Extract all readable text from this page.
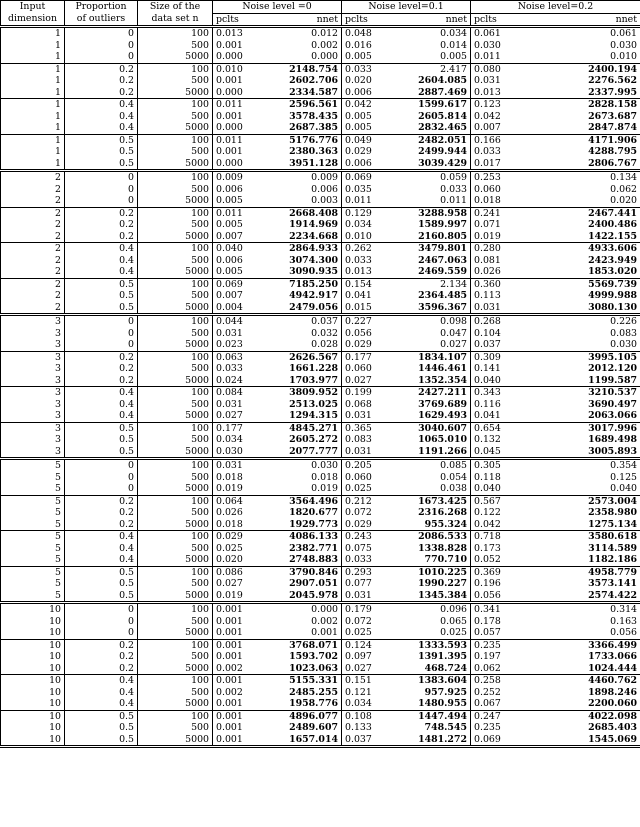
Input	Proportion	Size of the	Noise level =0		Noise level=0.1		Noise level=0.2	
dimension	of outliers	data set n	pclts	nnet	pclts	nnet	pclts	nnet
1	0	100	0.013	0.012	0.048	0.034	0.061	0.061
1	0	500	0.001	0.002	0.016	0.014	0.030	0.030
1	0	5000	0.000	0.000	0.005	0.005	0.011	0.010
1	0.2	100	0.010	2148.754	0.033	2.417	0.080	2400.194
1	0.2	500	0.001	2602.706	0.020	2604.085	0.031	2276.562
1	0.2	5000	0.000	2334.587	0.006	2887.469	0.013	2337.995
1	0.4	100	0.011	2596.561	0.042	1599.617	0.123	2828.158
1	0.4	500	0.001	3578.435	0.005	2605.814	0.042	2673.687
1	0.4	5000	0.000	2687.385	0.005	2832.465	0.007	2847.874
1	0.5	100	0.011	5176.776	0.049	2482.051	0.166	4171.906
1	0.5	500	0.001	2380.363	0.029	2499.944	0.033	4288.795
1	0.5	5000	0.000	3951.128	0.006	3039.429	0.017	2806.767
2	0	100	0.009	0.009	0.069	0.059	0.253	0.134
2	0	500	0.006	0.006	0.035	0.033	0.060	0.062
2	0	5000	0.005	0.003	0.011	0.011	0.018	0.020
2	0.2	100	0.011	2668.408	0.129	3288.958	0.241	2467.441
2	0.2	500	0.005	1914.969	0.034	1589.997	0.071	2400.486
2	0.2	5000	0.007	2234.668	0.010	2160.805	0.019	1422.155
2	0.4	100	0.040	2864.933	0.262	3479.801	0.280	4933.606
2	0.4	500	0.006	3074.300	0.033	2467.063	0.081	2423.949
2	0.4	5000	0.005	3090.935	0.013	2469.559	0.026	1853.020
2	0.5	100	0.069	7185.250	0.154	2.134	0.360	5569.739
2	0.5	500	0.007	4942.917	0.041	2364.485	0.113	4999.988
2	0.5	5000	0.004	2479.056	0.015	3596.367	0.031	3080.130
3	0	100	0.044	0.037	0.227	0.098	0.268	0.226
3	0	500	0.031	0.032	0.056	0.047	0.104	0.083
3	0	5000	0.023	0.028	0.029	0.027	0.037	0.030
3	0.2	100	0.063	2626.567	0.177	1834.107	0.309	3995.105
3	0.2	500	0.033	1661.228	0.060	1446.461	0.141	2012.120
3	0.2	5000	0.024	1703.977	0.027	1352.354	0.040	1199.587
3	0.4	100	0.084	3809.952	0.199	2427.211	0.343	3210.537
3	0.4	500	0.031	2513.025	0.068	3769.689	0.116	3690.497
3	0.4	5000	0.027	1294.315	0.031	1629.493	0.041	2063.066
3	0.5	100	0.177	4845.271	0.365	3040.607	0.654	3017.996
3	0.5	500	0.034	2605.272	0.083	1065.010	0.132	1689.498
3	0.5	5000	0.030	2077.777	0.031	1191.266	0.045	3005.893
5	0	100	0.031	0.030	0.205	0.085	0.305	0.354
5	0	500	0.018	0.018	0.060	0.054	0.118	0.125
5	0	5000	0.019	0.019	0.025	0.038	0.040	0.040
5	0.2	100	0.064	3564.496	0.212	1673.425	0.567	2573.004
5	0.2	500	0.026	1820.677	0.072	2316.268	0.122	2358.980
5	0.2	5000	0.018	1929.773	0.029	955.324	0.042	1275.134
5	0.4	100	0.029	4086.133	0.243	2086.533	0.718	3580.618
5	0.4	500	0.025	2382.771	0.075	1338.828	0.173	3114.589
5	0.4	5000	0.020	2748.883	0.033	770.710	0.052	1182.186
5	0.5	100	0.086	3790.846	0.293	1010.225	0.369	4958.779
5	0.5	500	0.027	2907.051	0.077	1990.227	0.196	3573.141
5	0.5	5000	0.019	2045.978	0.031	1345.384	0.056	2574.422
10	0	100	0.001	0.000	0.179	0.096	0.341	0.314
10	0	500	0.001	0.002	0.072	0.065	0.178	0.163
10	0	5000	0.001	0.001	0.025	0.025	0.057	0.056
10	0.2	100	0.001	3768.071	0.124	1333.593	0.235	3366.499
10	0.2	500	0.001	1593.702	0.097	1391.395	0.197	1733.066
10	0.2	5000	0.002	1023.063	0.027	468.724	0.062	1024.444
10	0.4	100	0.001	5155.331	0.151	1383.604	0.258	4460.762
10	0.4	500	0.002	2485.255	0.121	957.925	0.252	1898.246
10	0.4	5000	0.001	1958.776	0.034	1480.955	0.067	2200.060
10	0.5	100	0.001	4896.077	0.108	1447.494	0.247	4022.098
10	0.5	500	0.001	2489.607	0.133	748.545	0.235	2685.403
10	0.5	5000	0.001	1657.014	0.037	1481.272	0.069	1545.069
